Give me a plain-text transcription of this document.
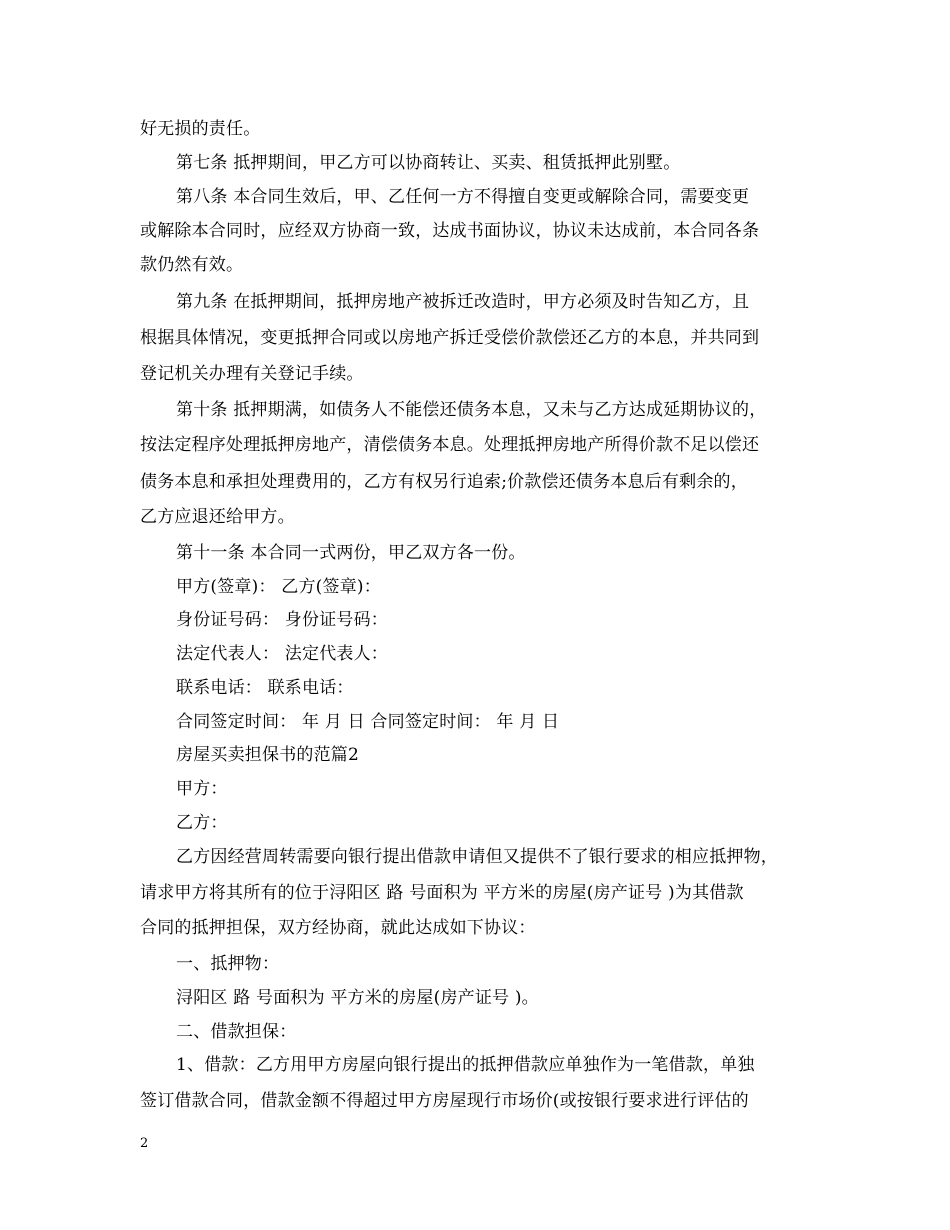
好无损的责任。
第七条 抵押期间，甲乙方可以协商转让、买卖、租赁抵押此别墅。
第八条 本合同生效后，甲、乙任何一方不得擅自变更或解除合同，需要变更
或解除本合同时，应经双方协商一致，达成书面协议，协议未达成前，本合同各条
款仍然有效。
第九条 在抵押期间，抵押房地产被拆迁改造时，甲方必须及时告知乙方，且
根据具体情况，变更抵押合同或以房地产拆迁受偿价款偿还乙方的本息，并共同到
登记机关办理有关登记手续。
第十条 抵押期满，如债务人不能偿还债务本息，又未与乙方达成延期协议的，
按法定程序处理抵押房地产，清偿债务本息。处理抵押房地产所得价款不足以偿还
债务本息和承担处理费用的，乙方有权另行追索;价款偿还债务本息后有剩余的，
乙方应退还给甲方。
第十一条 本合同一式两份，甲乙双方各一份。
甲方(签章)： 乙方(签章)：
身份证号码： 身份证号码：
法定代表人： 法定代表人：
联系电话： 联系电话：
合同签定时间： 年 月 日 合同签定时间： 年 月 日
房屋买卖担保书的范篇2
甲方：
乙方：
乙方因经营周转需要向银行提出借款申请但又提供不了银行要求的相应抵押物，
请求甲方将其所有的位于浔阳区 路 号面积为 平方米的房屋(房产证号 )为其借款
合同的抵押担保，双方经协商，就此达成如下协议：
一、抵押物：
浔阳区 路 号面积为 平方米的房屋(房产证号 )。
二、借款担保：
1、借款：乙方用甲方房屋向银行提出的抵押借款应单独作为一笔借款，单独
签订借款合同，借款金额不得超过甲方房屋现行市场价(或按银行要求进行评估的
2
